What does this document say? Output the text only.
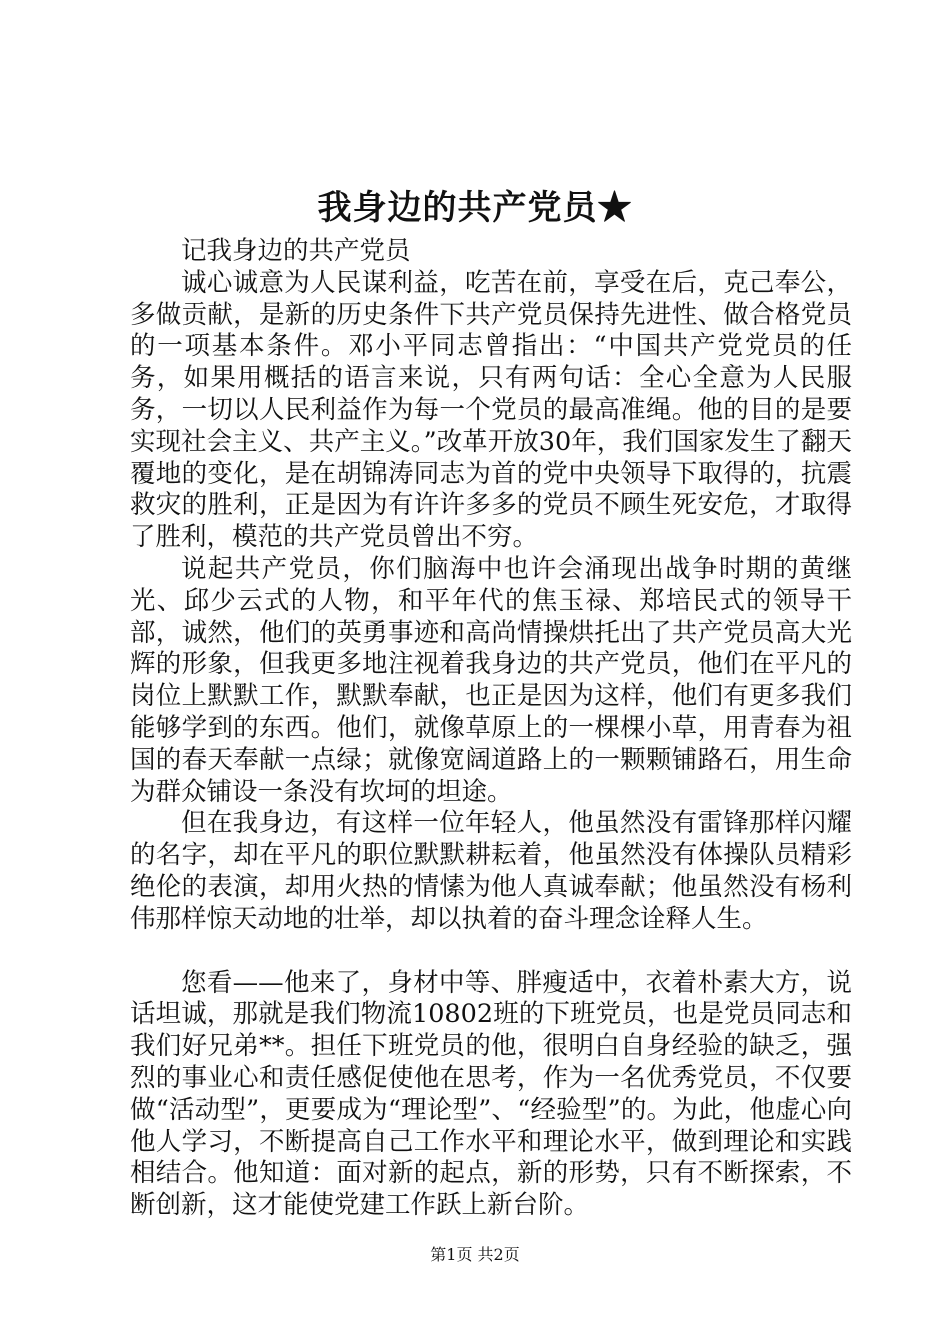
我身边的共产党员★

记我身边的共产党员

诚心诚意为人民谋利益，吃苦在前，享受在后，克己奉公，多做贡献，是新的历史条件下共产党员保持先进性、做合格党员的一项基本条件。邓小平同志曾指出：“中国共产党党员的任务，如果用概括的语言来说，只有两句话：全心全意为人民服务，一切以人民利益作为每一个党员的最高准绳。他的目的是要实现社会主义、共产主义。”改革开放30年，我们国家发生了翻天覆地的变化，是在胡锦涛同志为首的党中央领导下取得的，抗震救灾的胜利，正是因为有许许多多的党员不顾生死安危，才取得了胜利，模范的共产党员曾出不穷。

说起共产党员，你们脑海中也许会涌现出战争时期的黄继光、邱少云式的人物，和平年代的焦玉禄、郑培民式的领导干部，诚然，他们的英勇事迹和高尚情操烘托出了共产党员高大光辉的形象，但我更多地注视着我身边的共产党员，他们在平凡的岗位上默默工作，默默奉献，也正是因为这样，他们有更多我们能够学到的东西。他们，就像草原上的一棵棵小草，用青春为祖国的春天奉献一点绿；就像宽阔道路上的一颗颗铺路石，用生命为群众铺设一条没有坎坷的坦途。

但在我身边，有这样一位年轻人，他虽然没有雷锋那样闪耀的名字，却在平凡的职位默默耕耘着，他虽然没有体操队员精彩绝伦的表演，却用火热的情愫为他人真诚奉献；他虽然没有杨利伟那样惊天动地的壮举，却以执着的奋斗理念诠释人生。

您看——他来了，身材中等、胖瘦适中，衣着朴素大方，说话坦诚，那就是我们物流10802班的下班党员，也是党员同志和我们好兄弟**。担任下班党员的他，很明白自身经验的缺乏，强烈的事业心和责任感促使他在思考，作为一名优秀党员，不仅要做“活动型”，更要成为“理论型”、“经验型”的。为此，他虚心向他人学习，不断提高自己工作水平和理论水平，做到理论和实践相结合。他知道：面对新的起点，新的形势，只有不断探索，不断创新，这才能使党建工作跃上新台阶。

第1页 共2页
